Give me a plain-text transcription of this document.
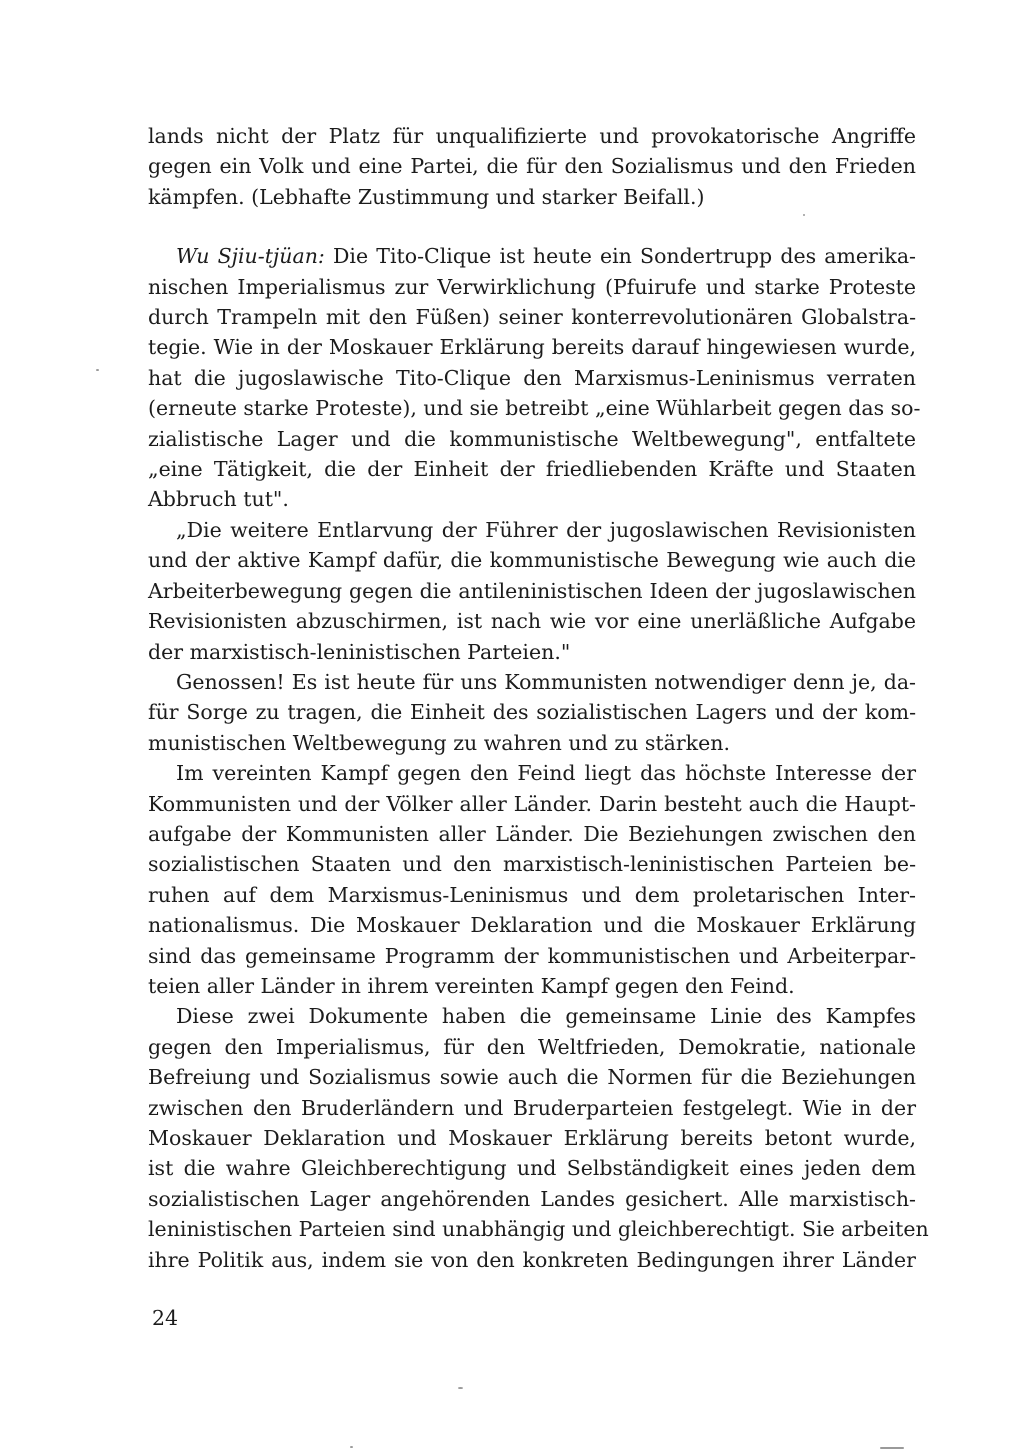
lands nicht der Platz für unqualifizierte und provokatorische Angriffe
gegen ein Volk und eine Partei, die für den Sozialismus und den Frieden
kämpfen. (Lebhafte Zustimmung und starker Beifall.)

Wu Sjiu-tjüan: Die Tito-Clique ist heute ein Sondertrupp des amerika-
nischen Imperialismus zur Verwirklichung (Pfuirufe und starke Proteste
durch Trampeln mit den Füßen) seiner konterrevolutionären Globalstra-
tegie. Wie in der Moskauer Erklärung bereits darauf hingewiesen wurde,
hat die jugoslawische Tito-Clique den Marxismus-Leninismus verraten
(erneute starke Proteste), und sie betreibt „eine Wühlarbeit gegen das so-
zialistische Lager und die kommunistische Weltbewegung", entfaltete
„eine Tätigkeit, die der Einheit der friedliebenden Kräfte und Staaten
Abbruch tut".

„Die weitere Entlarvung der Führer der jugoslawischen Revisionisten
und der aktive Kampf dafür, die kommunistische Bewegung wie auch die
Arbeiterbewegung gegen die antileninistischen Ideen der jugoslawischen
Revisionisten abzuschirmen, ist nach wie vor eine unerläßliche Aufgabe
der marxistisch-leninistischen Parteien."

Genossen! Es ist heute für uns Kommunisten notwendiger denn je, da-
für Sorge zu tragen, die Einheit des sozialistischen Lagers und der kom-
munistischen Weltbewegung zu wahren und zu stärken.

Im vereinten Kampf gegen den Feind liegt das höchste Interesse der
Kommunisten und der Völker aller Länder. Darin besteht auch die Haupt-
aufgabe der Kommunisten aller Länder. Die Beziehungen zwischen den
sozialistischen Staaten und den marxistisch-leninistischen Parteien be-
ruhen auf dem Marxismus-Leninismus und dem proletarischen Inter-
nationalismus. Die Moskauer Deklaration und die Moskauer Erklärung
sind das gemeinsame Programm der kommunistischen und Arbeiterpar-
teien aller Länder in ihrem vereinten Kampf gegen den Feind.

Diese zwei Dokumente haben die gemeinsame Linie des Kampfes
gegen den Imperialismus, für den Weltfrieden, Demokratie, nationale
Befreiung und Sozialismus sowie auch die Normen für die Beziehungen
zwischen den Bruderländern und Bruderparteien festgelegt. Wie in der
Moskauer Deklaration und Moskauer Erklärung bereits betont wurde,
ist die wahre Gleichberechtigung und Selbständigkeit eines jeden dem
sozialistischen Lager angehörenden Landes gesichert. Alle marxistisch-
leninistischen Parteien sind unabhängig und gleichberechtigt. Sie arbeiten
ihre Politik aus, indem sie von den konkreten Bedingungen ihrer Länder

24
